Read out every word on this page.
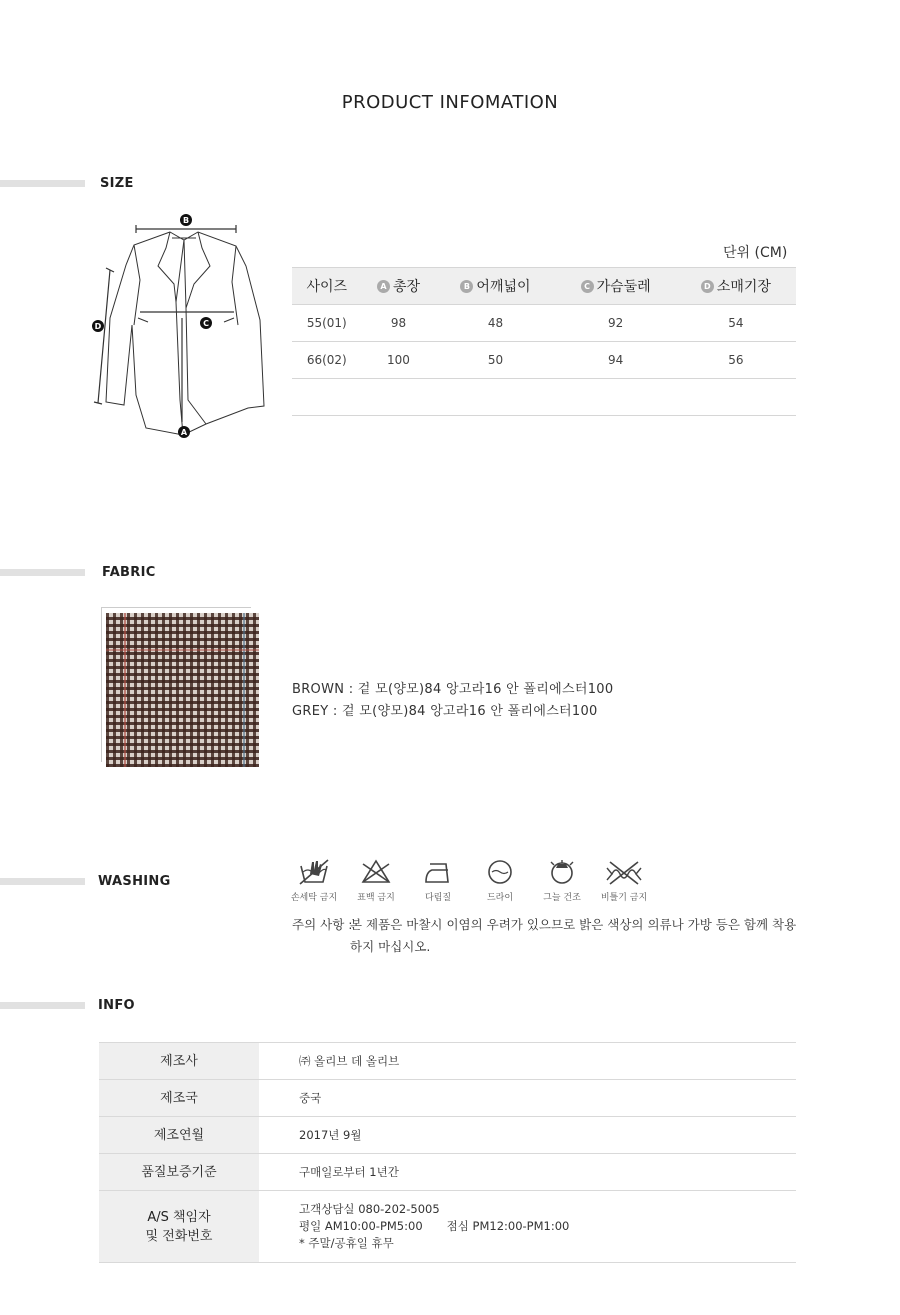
PRODUCT INFOMATION
SIZE
B
C
D
A
단위 (CM)
사이즈	A 총장	B 어깨넓이	C 가슴둘레	D 소매기장
55(01)	98	48	92	54
66(02)	100	50	94	56

FABRIC
BROWN : 겉 모(양모)84 앙고라16 안 폴리에스터100
GREY : 겉 모(양모)84 앙고라16 안 폴리에스터100
WASHING
손세탁 금지	표백 금지	다림질	드라이	그늘 건조	비틀기 금지
주의 사항 :
본 제품은 마찰시 이염의 우려가 있으므로 밝은 색상의 의류나 가방 등은 함께 착용하지 마십시오.
INFO
제조사	㈜ 올리브 데 올리브
제조국	중국
제조연월	2017년 9월
품질보증기준	구매일로부터 1년간
A/S 책임자
및 전화번호	고객상담실 080-202-5005
평일 AM10:00-PM5:00 점심 PM12:00-PM1:00
* 주말/공휴일 휴무
